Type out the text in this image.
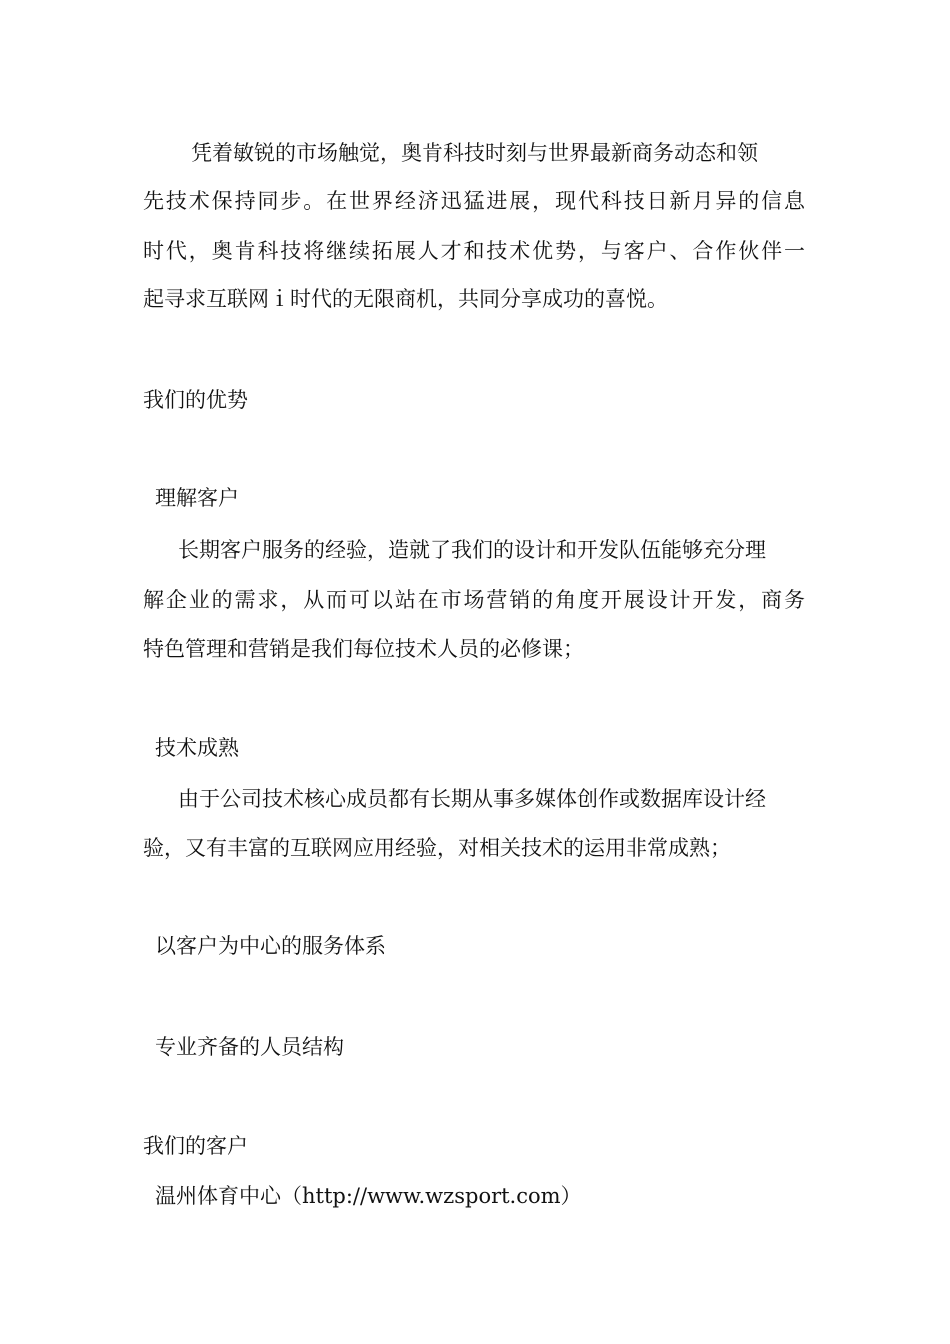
凭着敏锐的市场触觉，奥肯科技时刻与世界最新商务动态和领
先技术保持同步。在世界经济迅猛进展，现代科技日新月异的信息
时代，奥肯科技将继续拓展人才和技术优势，与客户、合作伙伴一
起寻求互联网ｉ时代的无限商机，共同分享成功的喜悦。
我们的优势
理解客户
长期客户服务的经验，造就了我们的设计和开发队伍能够充分理
解企业的需求，从而可以站在市场营销的角度开展设计开发，商务
特色管理和营销是我们每位技术人员的必修课；
技术成熟
由于公司技术核心成员都有长期从事多媒体创作或数据库设计经
验，又有丰富的互联网应用经验，对相关技术的运用非常成熟；
以客户为中心的服务体系
专业齐备的人员结构
我们的客户
温州体育中心（http://www.wzsport.com）
